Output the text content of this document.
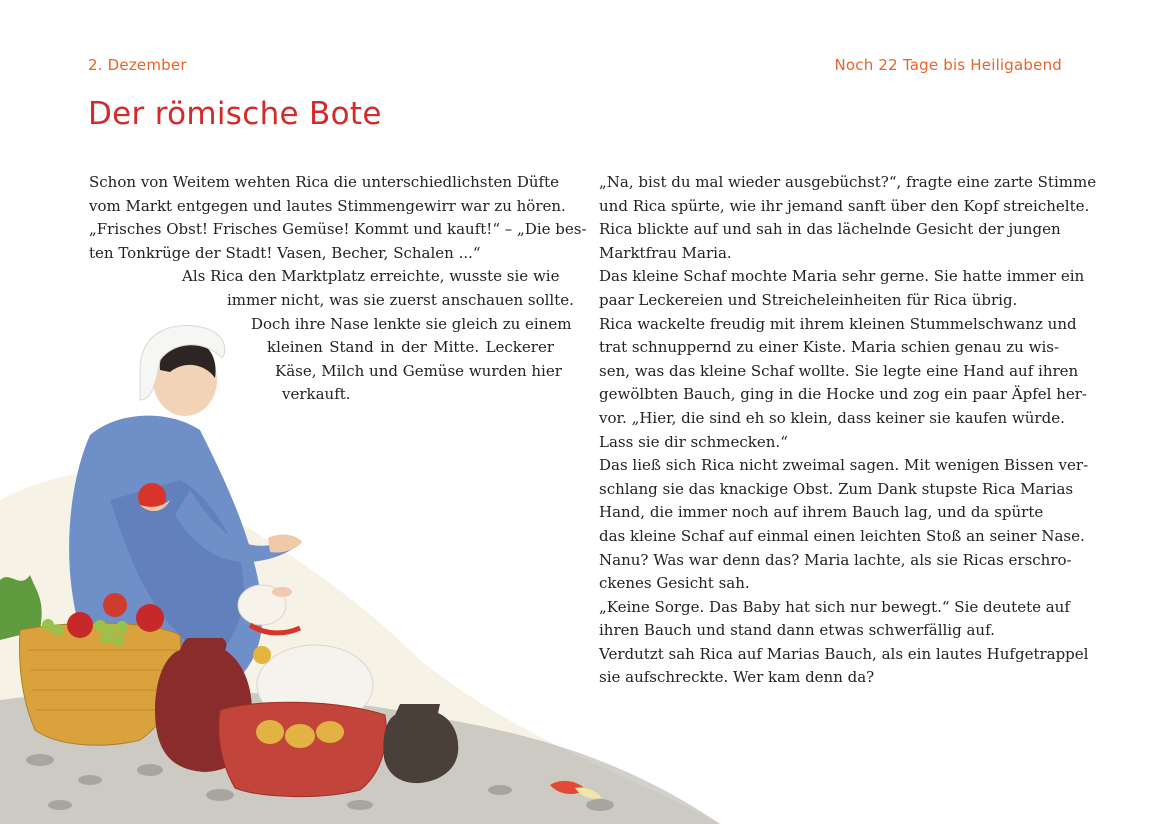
2. Dezember	Noch 22 Tage bis Heiligabend
Der römische Bote
Schon von Weitem wehten Rica die unterschiedlichsten Düfte
vom Markt entgegen und lautes Stimmengewirr war zu hören.
„Frisches Obst! Frisches Gemüse! Kommt und kauft!“ – „Die bes-
ten Tonkrüge der Stadt! Vasen, Becher, Schalen ...“
Als Rica den Marktplatz erreichte, wusste sie wie
immer nicht, was sie zuerst anschauen sollte.
Doch ihre Nase lenkte sie gleich zu einem
kleinen Stand in der Mitte. Leckerer
Käse, Milch und Gemüse wurden hier
verkauft.
„Na, bist du mal wieder ausgebüchst?“, fragte eine zarte Stimme
und Rica spürte, wie ihr jemand sanft über den Kopf streichelte.
Rica blickte auf und sah in das lächelnde Gesicht der jungen
Marktfrau Maria.
Das kleine Schaf mochte Maria sehr gerne. Sie hatte immer ein
paar Leckereien und Streicheleinheiten für Rica übrig.
Rica wackelte freudig mit ihrem kleinen Stummelschwanz und
trat schnuppernd zu einer Kiste. Maria schien genau zu wis-
sen, was das kleine Schaf wollte. Sie legte eine Hand auf ihren
gewölbten Bauch, ging in die Hocke und zog ein paar Äpfel her-
vor. „Hier, die sind eh so klein, dass keiner sie kaufen würde.
Lass sie dir schmecken.“
Das ließ sich Rica nicht zweimal sagen. Mit wenigen Bissen ver-
schlang sie das knackige Obst. Zum Dank stupste Rica Marias
Hand, die immer noch auf ihrem Bauch lag, und da spürte
das kleine Schaf auf einmal einen leichten Stoß an seiner Nase.
Nanu? Was war denn das? Maria lachte, als sie Ricas erschro-
ckenes Gesicht sah.
„Keine Sorge. Das Baby hat sich nur bewegt.“ Sie deutete auf
ihren Bauch und stand dann etwas schwerfällig auf.
Verdutzt sah Rica auf Marias Bauch, als ein lautes Hufgetrappel
sie aufschreckte. Wer kam denn da?
